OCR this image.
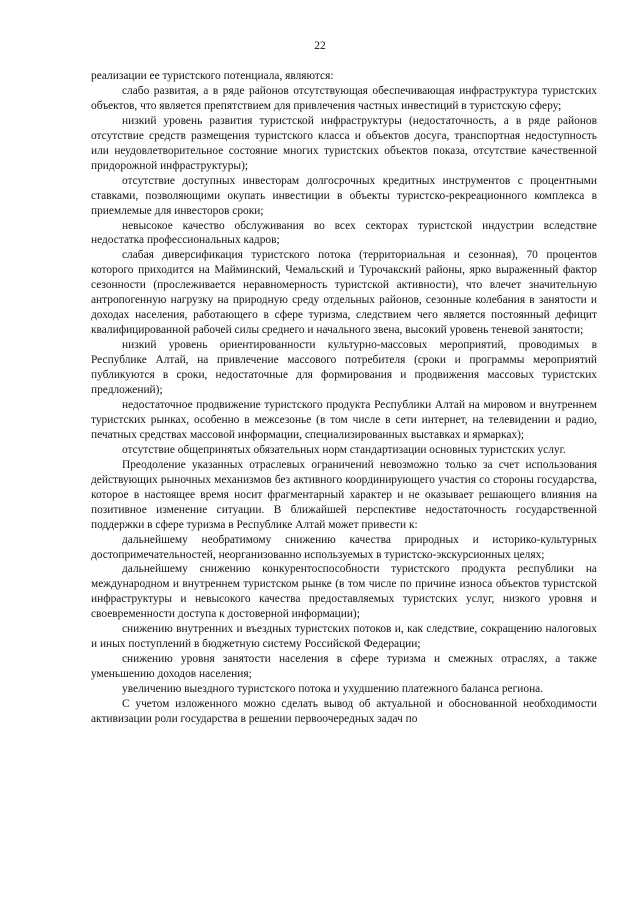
22

реализации ее туристского потенциала, являются:

слабо развитая, а в ряде районов отсутствующая обеспечивающая инфраструктура туристских объектов, что является препятствием для привлечения частных инвестиций в туристскую сферу;

низкий уровень развития туристской инфраструктуры (недостаточность, а в ряде районов отсутствие средств размещения туристского класса и объектов досуга, транспортная недоступность или неудовлетворительное состояние многих туристских объектов показа, отсутствие качественной придорожной инфраструктуры);

отсутствие доступных инвесторам долгосрочных кредитных инструментов с процентными ставками, позволяющими окупать инвестиции в объекты туристско-рекреационного комплекса в приемлемые для инвесторов сроки;

невысокое качество обслуживания во всех секторах туристской индустрии вследствие недостатка профессиональных кадров;

слабая диверсификация туристского потока (территориальная и сезонная), 70 процентов которого приходится на Майминский, Чемальский и Турочакский районы, ярко выраженный фактор сезонности (прослеживается неравномерность туристской активности), что влечет значительную антропогенную нагрузку на природную среду отдельных районов, сезонные колебания в занятости и доходах населения, работающего в сфере туризма, следствием чего является постоянный дефицит квалифицированной рабочей силы среднего и начального звена, высокий уровень теневой занятости;

низкий уровень ориентированности культурно-массовых мероприятий, проводимых в Республике Алтай, на привлечение массового потребителя (сроки и программы мероприятий публикуются в сроки, недостаточные для формирования и продвижения массовых туристских предложений);

недостаточное продвижение туристского продукта Республики Алтай на мировом и внутреннем туристских рынках, особенно в межсезонье (в том числе в сети интернет, на телевидении и радио, печатных средствах массовой информации, специализированных выставках и ярмарках);

отсутствие общепринятых обязательных норм стандартизации основных туристских услуг.

Преодоление указанных отраслевых ограничений невозможно только за счет использования действующих рыночных механизмов без активного координирующего участия со стороны государства, которое в настоящее время носит фрагментарный характер и не оказывает решающего влияния на позитивное изменение ситуации. В ближайшей перспективе недостаточность государственной поддержки в сфере туризма в Республике Алтай может привести к:

дальнейшему необратимому снижению качества природных и историко-культурных достопримечательностей, неорганизованно используемых в туристско-экскурсионных целях;

дальнейшему снижению конкурентоспособности туристского продукта республики на международном и внутреннем туристском рынке (в том числе по причине износа объектов туристской инфраструктуры и невысокого качества предоставляемых туристских услуг, низкого уровня и своевременности доступа к достоверной информации);

снижению внутренних и въездных туристских потоков и, как следствие, сокращению налоговых и иных поступлений в бюджетную систему Российской Федерации;

снижению уровня занятости населения в сфере туризма и смежных отраслях, а также уменьшению доходов населения;

увеличению выездного туристского потока и ухудшению платежного баланса региона.

С учетом изложенного можно сделать вывод об актуальной и обоснованной необходимости активизации роли государства в решении первоочередных задач по
